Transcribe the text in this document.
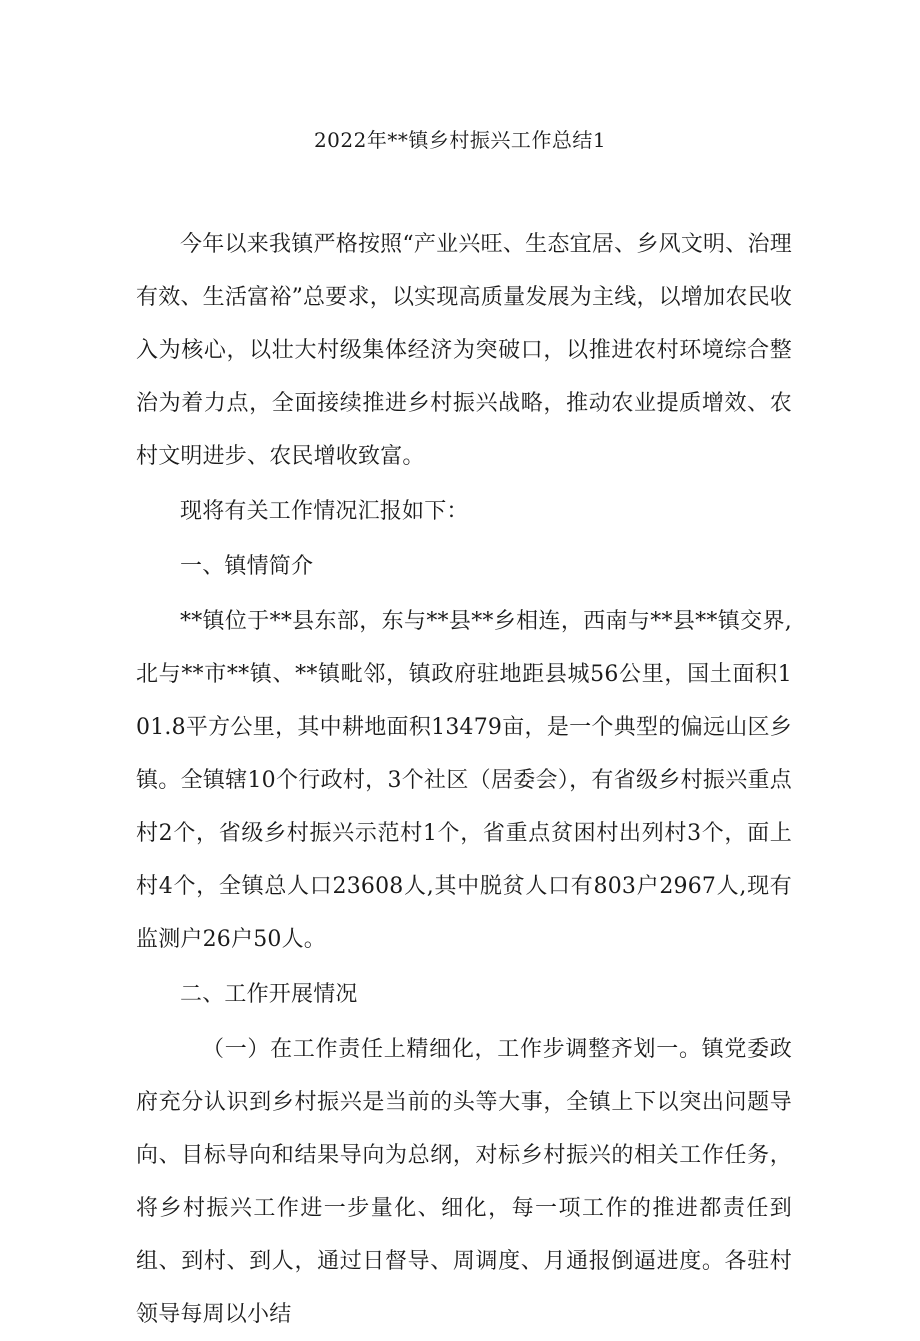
2022年**镇乡村振兴工作总结1

今年以来我镇严格按照“产业兴旺、生态宜居、乡风文明、治理有效、生活富裕”总要求，以实现高质量发展为主线，以增加农民收入为核心，以壮大村级集体经济为突破口，以推进农村环境综合整治为着力点，全面接续推进乡村振兴战略，推动农业提质增效、农村文明进步、农民增收致富。

现将有关工作情况汇报如下：

一、镇情简介

**镇位于**县东部，东与**县**乡相连，西南与**县**镇交界,北与**市**镇、**镇毗邻，镇政府驻地距县城56公里，国土面积101.8平方公里，其中耕地面积13479亩，是一个典型的偏远山区乡镇。全镇辖10个行政村，3个社区（居委会），有省级乡村振兴重点村2个，省级乡村振兴示范村1个，省重点贫困村出列村3个，面上村4个，全镇总人口23608人,其中脱贫人口有803户2967人,现有监测户26户50人。

二、工作开展情况

（一）在工作责任上精细化，工作步调整齐划一。镇党委政府充分认识到乡村振兴是当前的头等大事，全镇上下以突出问题导向、目标导向和结果导向为总纲，对标乡村振兴的相关工作任务，将乡村振兴工作进一步量化、细化，每一项工作的推进都责任到组、到村、到人，通过日督导、周调度、月通报倒逼进度。各驻村领导每周以小结
